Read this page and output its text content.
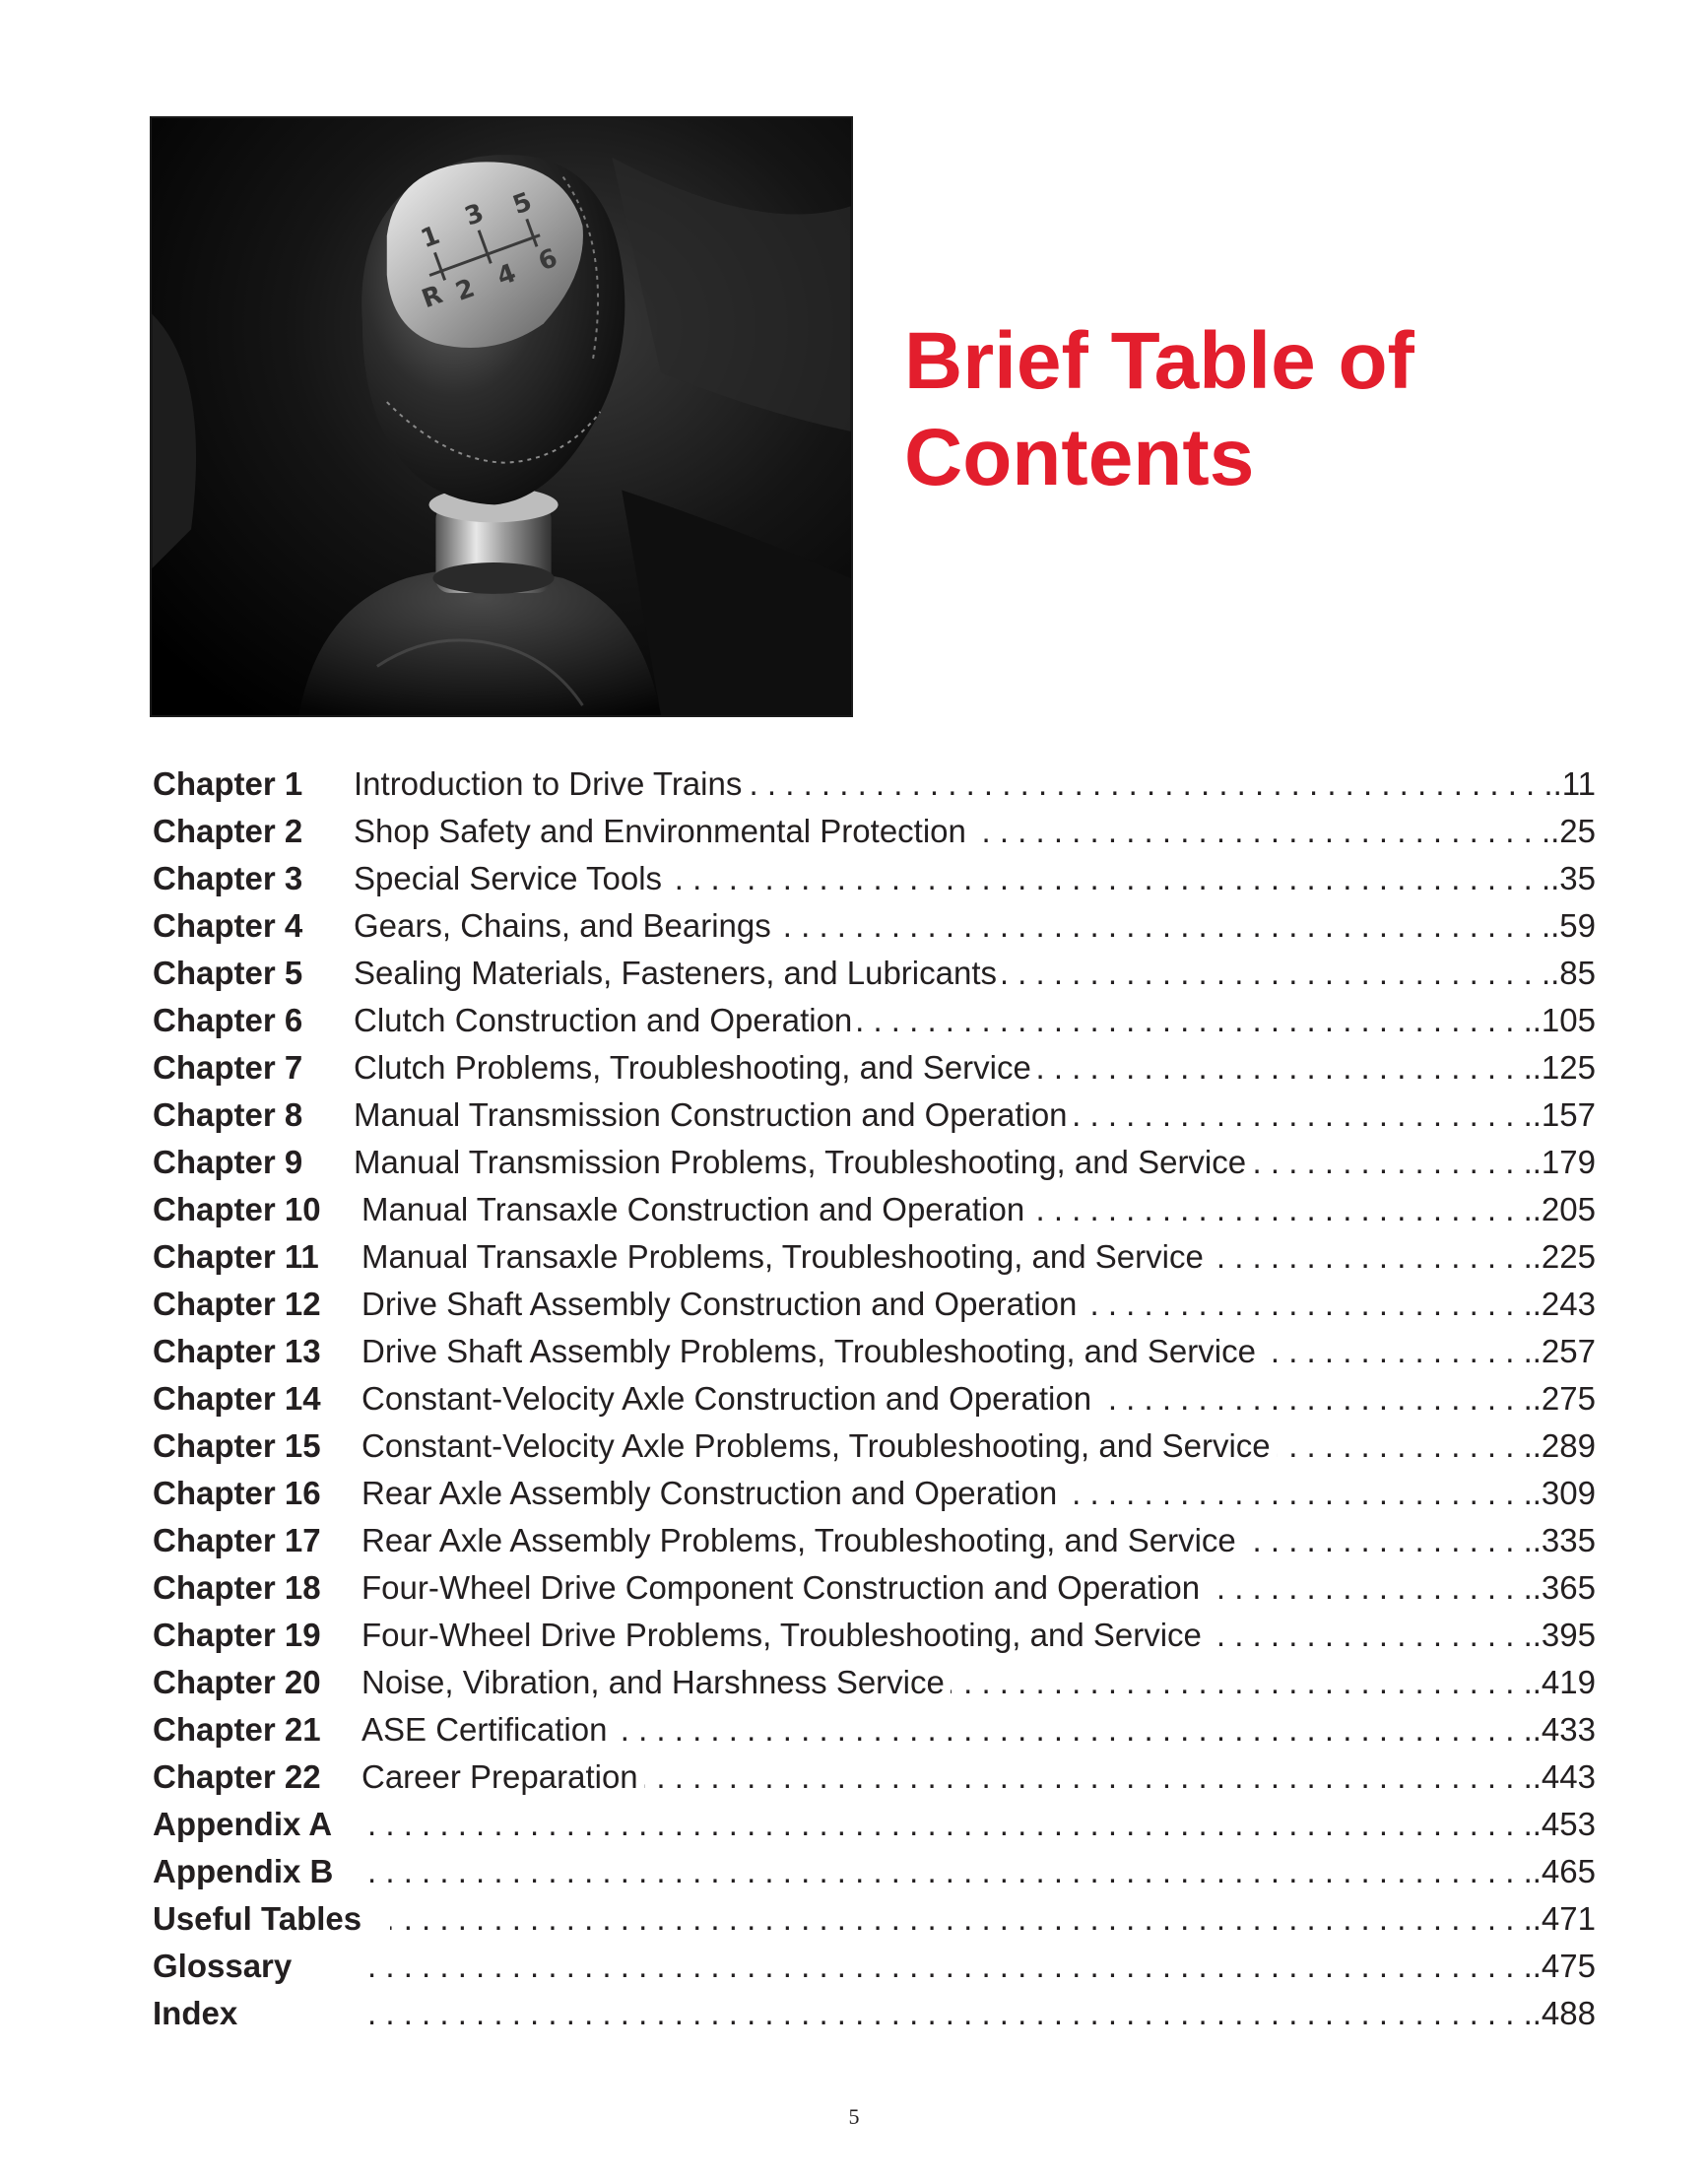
1
3 5
R 2 4 6
Brief Table of
Contents
Chapter 1	Introduction to Drive Trains . . .	.11
Chapter 2	Shop Safety and Environmental Protection . . .	.25
Chapter 3	Special Service Tools . . .	.35
Chapter 4	Gears, Chains, and Bearings . . .	.59
Chapter 5	Sealing Materials, Fasteners, and Lubricants . . .	.85
Chapter 6	Clutch Construction and Operation . . .	.105
Chapter 7	Clutch Problems, Troubleshooting, and Service . . .	.125
Chapter 8	Manual Transmission Construction and Operation . . .	.157
Chapter 9	Manual Transmission Problems, Troubleshooting, and Service . . .	.179
Chapter 10	Manual Transaxle Construction and Operation . . .	.205
Chapter 11	Manual Transaxle Problems, Troubleshooting, and Service . . .	.225
Chapter 12	Drive Shaft Assembly Construction and Operation . . .	.243
Chapter 13	Drive Shaft Assembly Problems, Troubleshooting, and Service . . .	.257
Chapter 14	Constant-Velocity Axle Construction and Operation . . .	.275
Chapter 15	Constant-Velocity Axle Problems, Troubleshooting, and Service . . .	.289
Chapter 16	Rear Axle Assembly Construction and Operation . . .	.309
Chapter 17	Rear Axle Assembly Problems, Troubleshooting, and Service . . .	.335
Chapter 18	Four-Wheel Drive Component Construction and Operation . . .	.365
Chapter 19	Four-Wheel Drive Problems, Troubleshooting, and Service . . .	.395
Chapter 20	Noise, Vibration, and Harshness Service . . .	.419
Chapter 21	ASE Certification . . .	.433
Chapter 22	Career Preparation . . .	.443
Appendix A . . .	.453
Appendix B . . .	.465
Useful Tables . . .	.471
Glossary . . .	.475
Index . . .	.488
5
